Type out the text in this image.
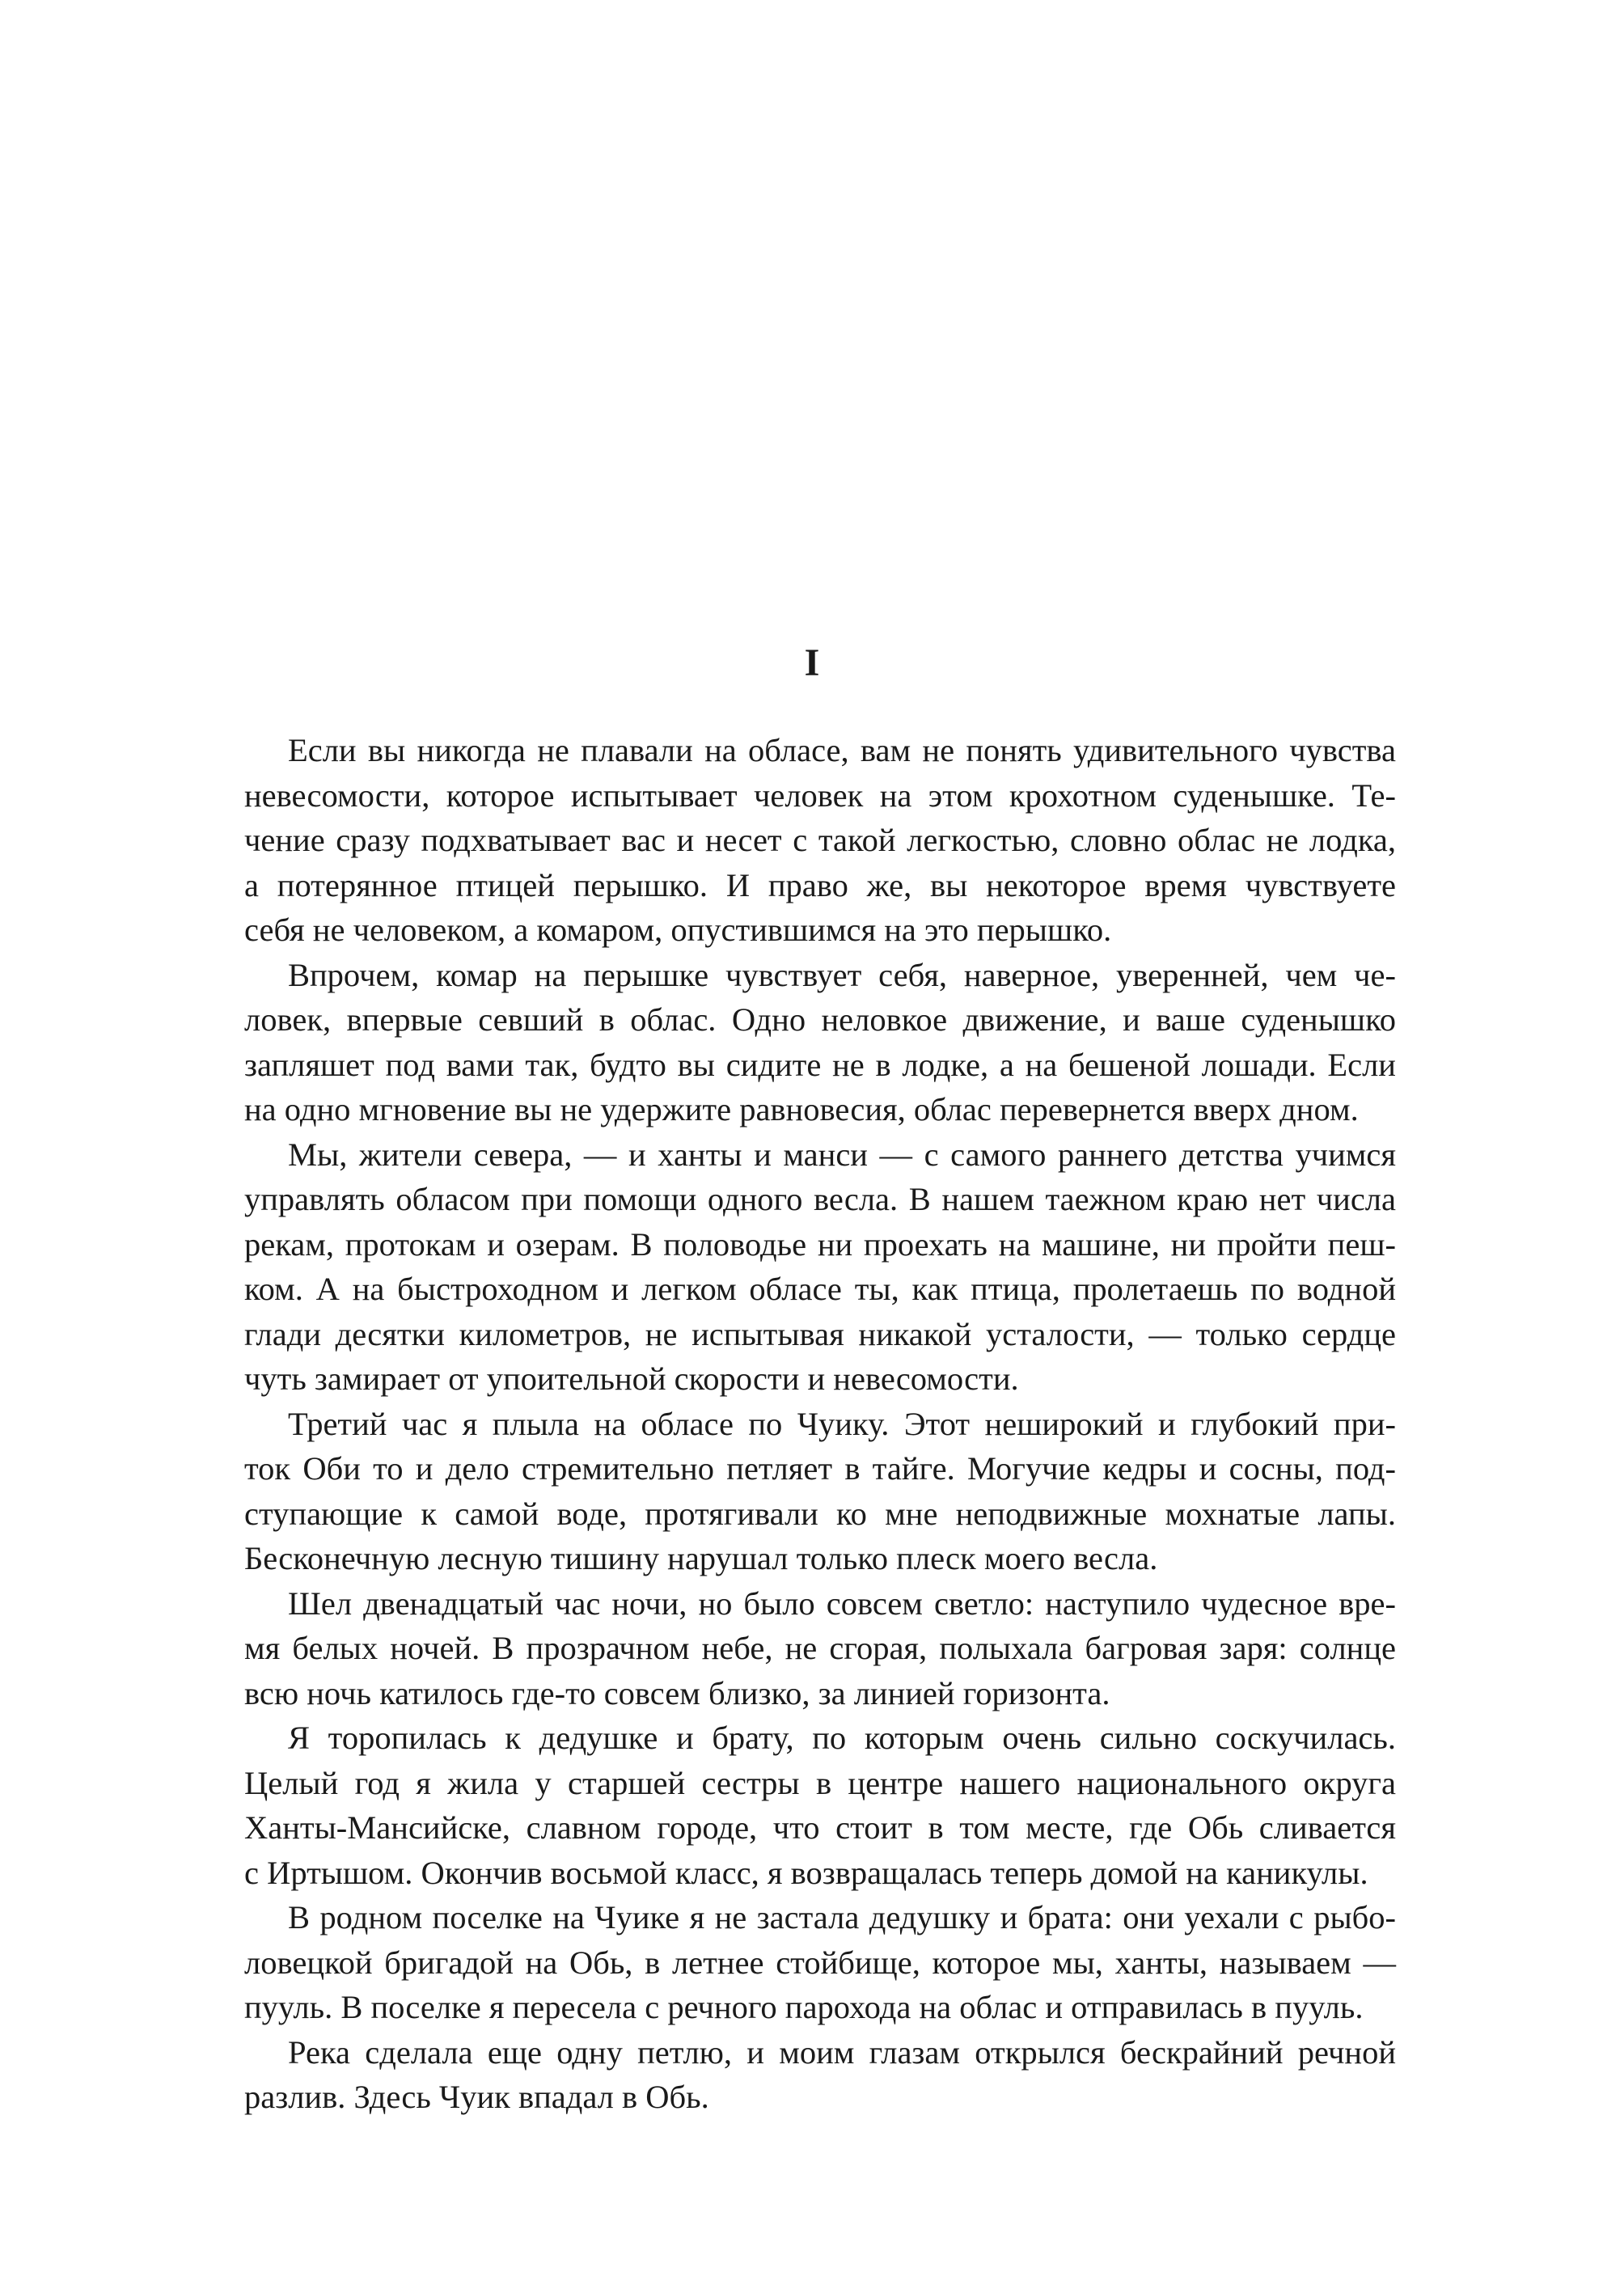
I
Если вы никогда не плавали на обласе, вам не понять удивительного чувства
невесомости, которое испытывает человек на этом крохотном суденышке. Те-
чение сразу подхватывает вас и несет с такой легкостью, словно облас не лодка,
а потерянное птицей перышко. И право же, вы некоторое время чувствуете
себя не человеком, а комаром, опустившимся на это перышко.
Впрочем, комар на перышке чувствует себя, наверное, увереннeй, чем че-
ловек, впервые севший в облас. Одно неловкое движение, и ваше суденышко
запляшет под вами так, будто вы сидите не в лодке, а на бешеной лошади. Если
на одно мгновение вы не удержите равновесия, облас перевернется вверх дном.
Мы, жители севера, — и ханты и манси — с самого раннего детства учимся
управлять обласом при помощи одного весла. В нашем таежном краю нет числа
рекам, протокам и озерам. В половодье ни проехать на машине, ни пройти пеш-
ком. А на быстроходном и легком обласе ты, как птица, пролетаешь по водной
глади десятки километров, не испытывая никакой усталости, — только сердце
чуть замирает от упоительной скорости и невесомости.
Третий час я плыла на обласе по Чуику. Этот неширокий и глубокий при-
ток Оби то и дело стремительно петляет в тайге. Могучие кедры и сосны, под-
ступающие к самой воде, протягивали ко мне неподвижные мохнатые лапы.
Бесконечную лесную тишину нарушал только плеск моего весла.
Шел двенадцатый час ночи, но было совсем светло: наступило чудесное вре-
мя белых ночей. В прозрачном небе, не сгорая, полыхала багровая заря: солнце
всю ночь катилось где-то совсем близко, за линией горизонта.
Я торопилась к дедушке и брату, по которым очень сильно соскучилась.
Целый год я жила у старшей сестры в центре нашего национального округа
Ханты-Мансийске, славном городе, что стоит в том месте, где Обь сливается
с Иртышом. Окончив восьмой класс, я возвращалась теперь домой на каникулы.
В родном поселке на Чуике я не застала дедушку и брата: они уехали с рыбо-
ловецкой бригадой на Обь, в летнее стойбище, которое мы, ханты, называем —
пууль. В поселке я пересела с речного парохода на облас и отправилась в пууль.
Река сделала еще одну петлю, и моим глазам открылся бескрайний речной
разлив. Здесь Чуик впадал в Обь.
